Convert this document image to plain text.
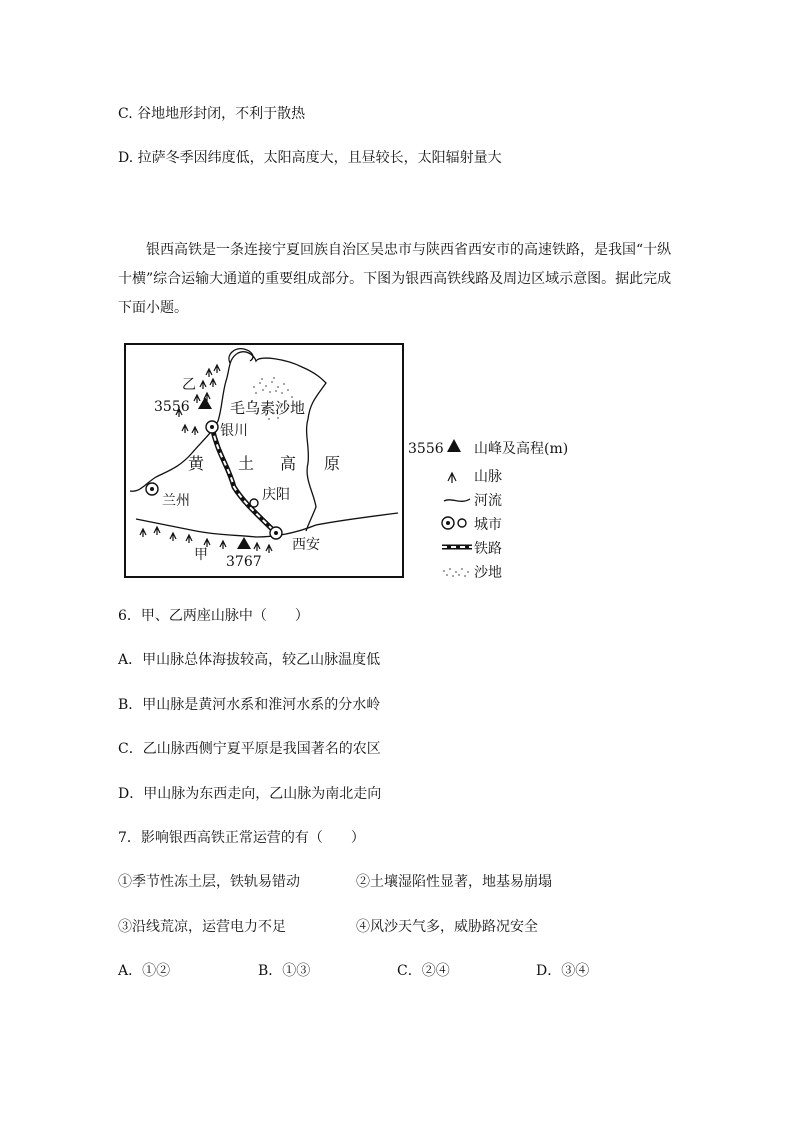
C. 谷地地形封闭，不利于散热
D. 拉萨冬季因纬度低，太阳高度大，且昼较长，太阳辐射量大
银西高铁是一条连接宁夏回族自治区吴忠市与陕西省西安市的高速铁路，是我国“十纵十横”综合运输大通道的重要组成部分。下图为银西高铁线路及周边区域示意图。据此完成下面小题。
乙
3556	毛乌素沙地
银川
黄 土 高 原
兰州	庆阳
甲
西安
3767
3556 山峰及高程(m)
山脉
河流
城市
铁路
沙地
6．甲、乙两座山脉中（　　）
A．甲山脉总体海拔较高，较乙山脉温度低
B．甲山脉是黄河水系和淮河水系的分水岭
C．乙山脉西侧宁夏平原是我国著名的农区
D．甲山脉为东西走向，乙山脉为南北走向
7．影响银西高铁正常运营的有（　　）
①季节性冻土层，铁轨易错动	②土壤湿陷性显著，地基易崩塌
③沿线荒凉，运营电力不足	④风沙天气多，威胁路况安全
A．①②	B．①③	C．②④	D．③④
